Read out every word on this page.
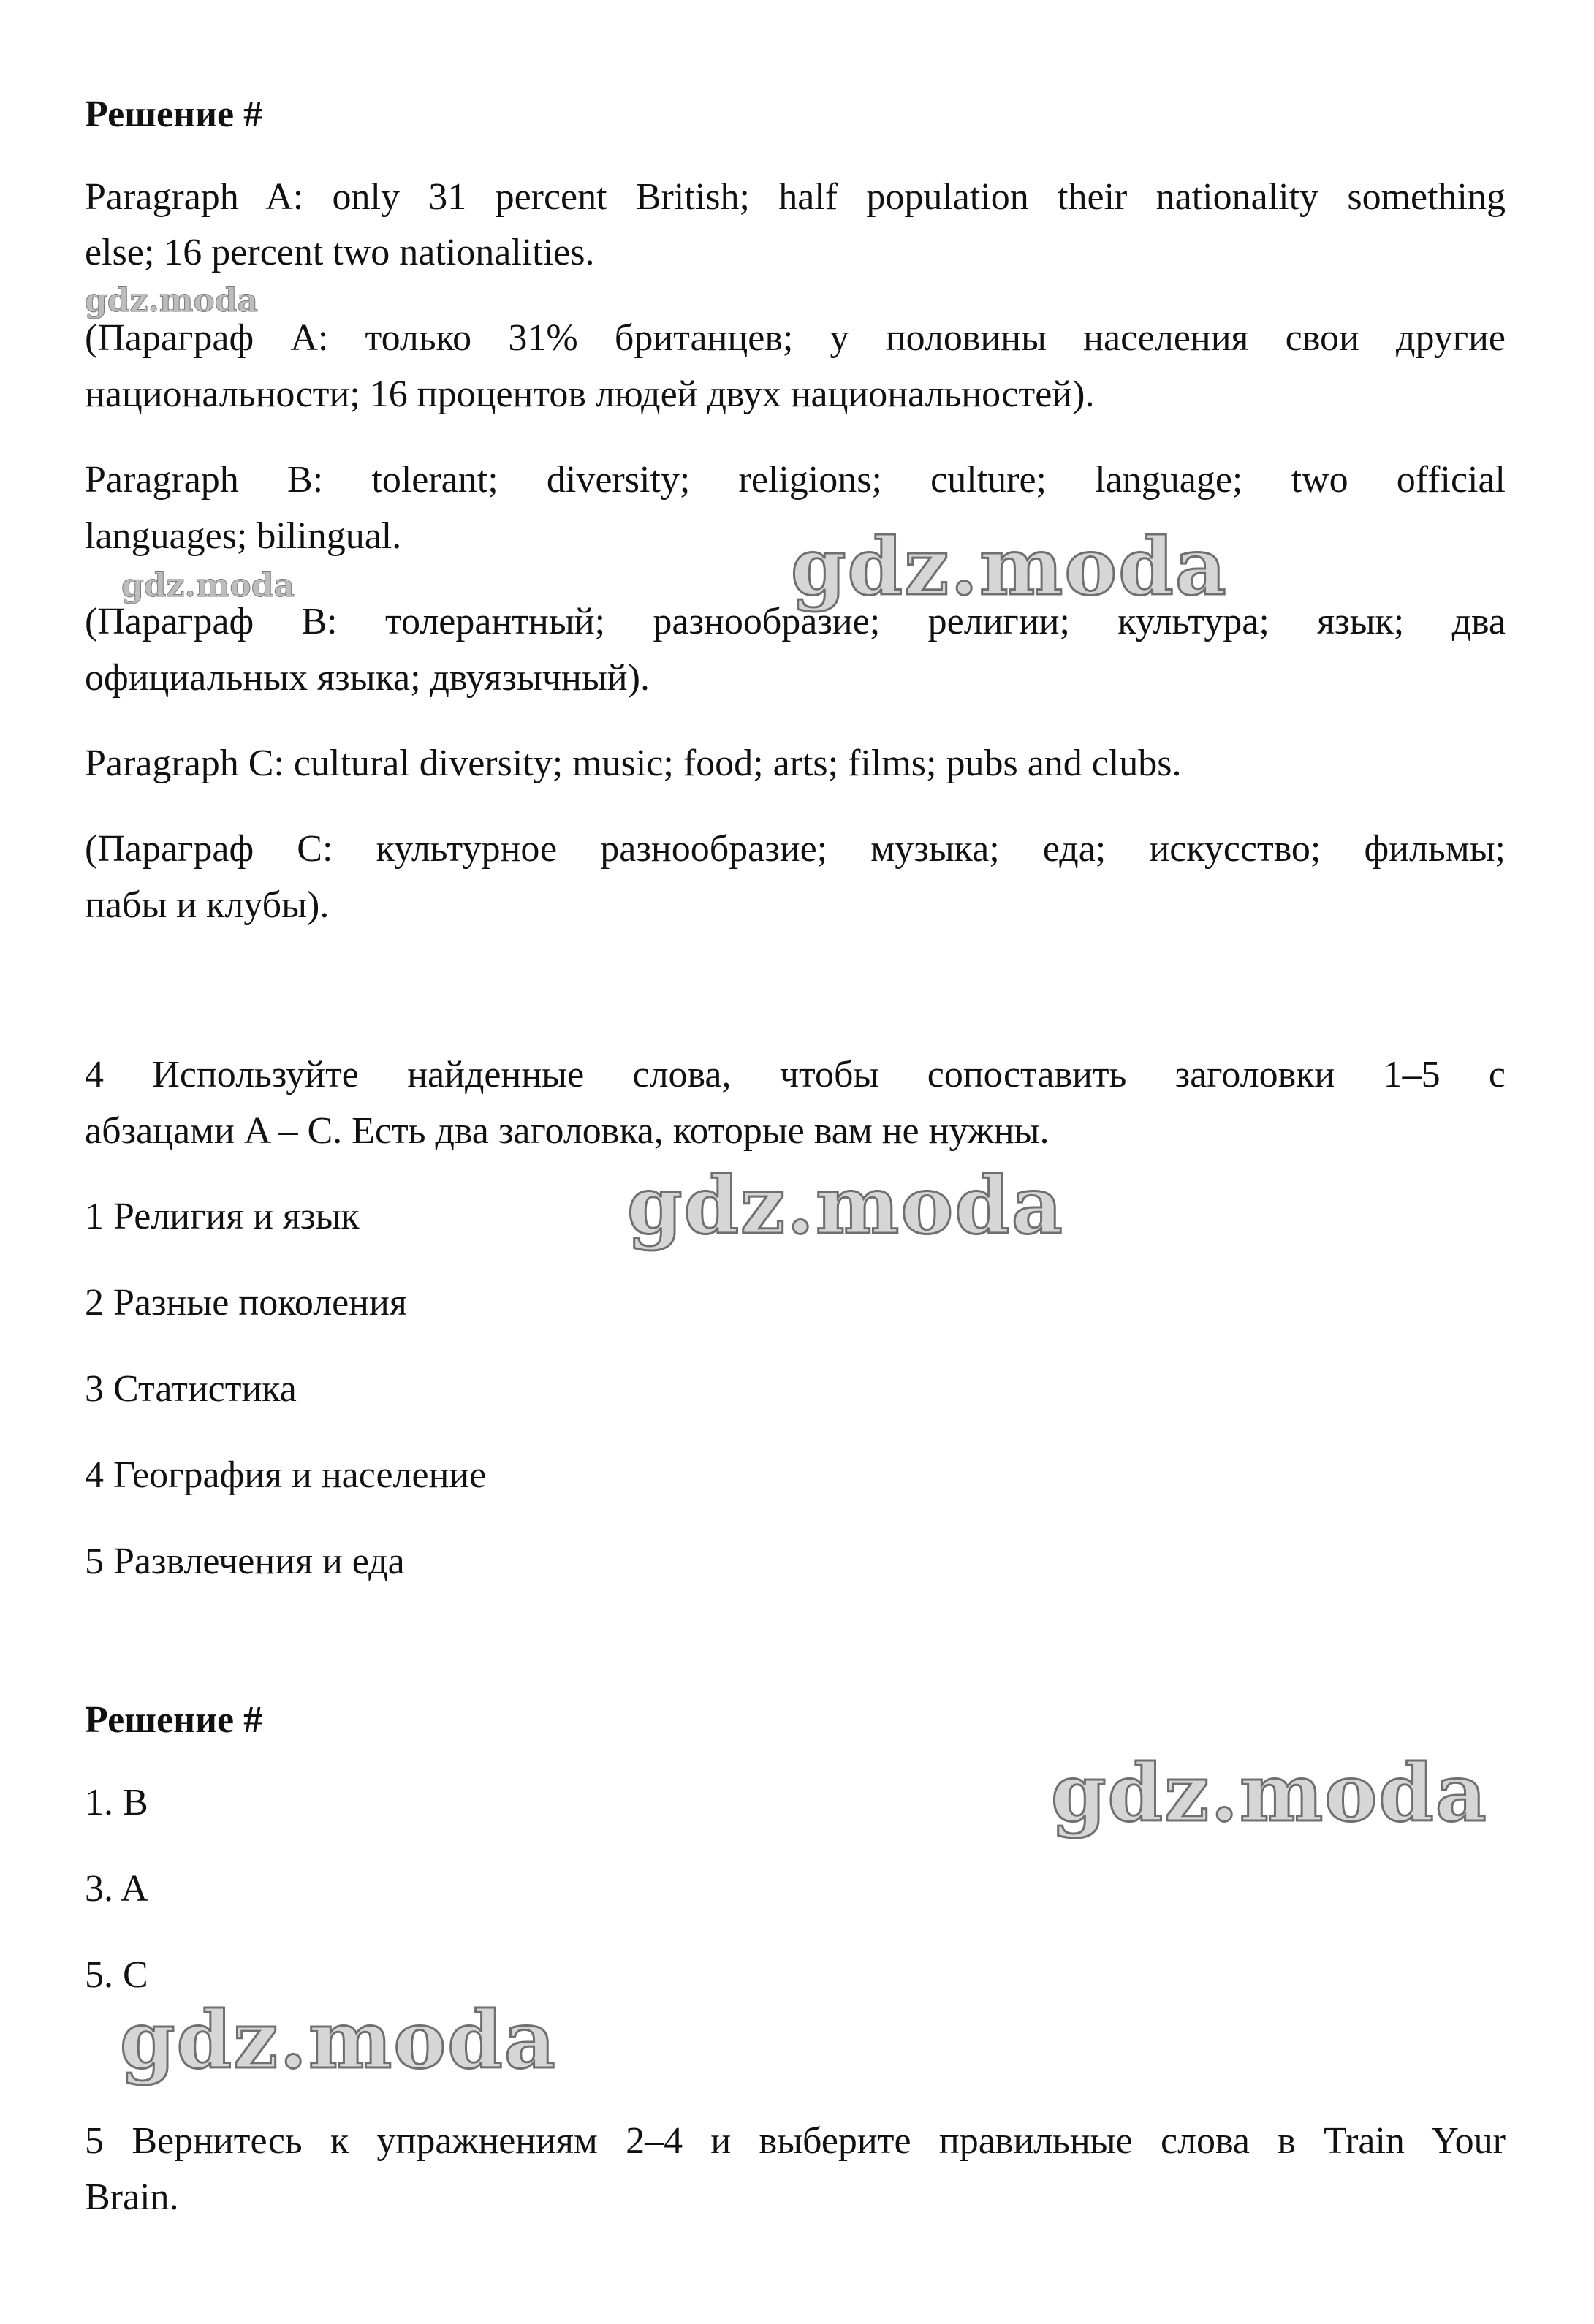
Решение #

Paragraph A: only 31 percent British; half population their nationality something

else; 16 percent two nationalities.

(Параграф A: только 31% британцев; у половины населения свои другие

национальности; 16 процентов людей двух национальностей).

Paragraph B: tolerant; diversity; religions; culture; language; two official

languages; bilingual.

(Параграф B: толерантный; разнообразие; религии; культура; язык; два

официальных языка; двуязычный).

Paragraph C: cultural diversity; music; food; arts; films; pubs and clubs.

(Параграф C: культурное разнообразие; музыка; еда; искусство; фильмы;

пабы и клубы).

4 Используйте найденные слова, чтобы сопоставить заголовки 1–5 с

абзацами A – C. Есть два заголовка, которые вам не нужны.

1 Религия и язык

2 Разные поколения

3 Статистика

4 География и население

5 Развлечения и еда

Решение #

1. B

3. A

5. C

5 Вернитесь к упражнениям 2–4 и выберите правильные слова в Train Your

Brain.

gdz.moda
gdz.moda	gdz.moda
gdz.moda
gdz.moda
gdz.moda
